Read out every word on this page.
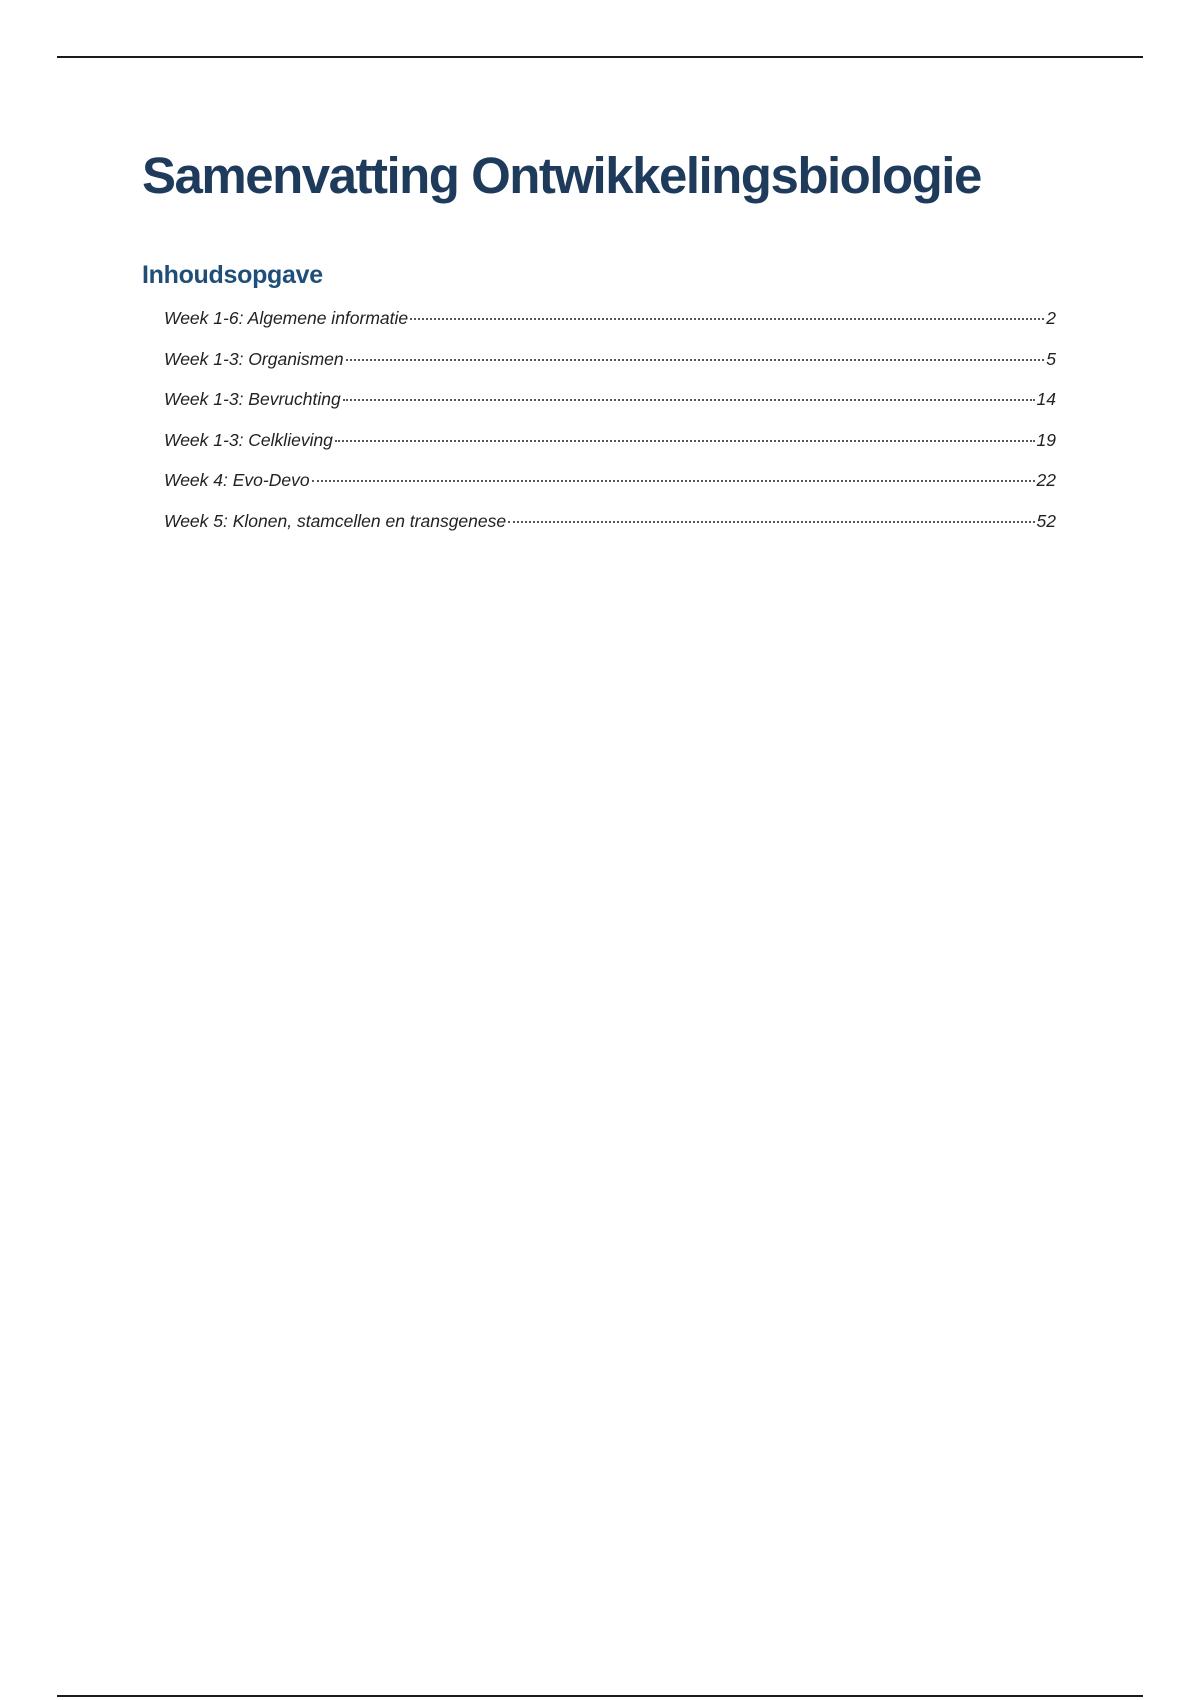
Samenvatting Ontwikkelingsbiologie
Inhoudsopgave
Week 1-6: Algemene informatie	2
Week 1-3: Organismen	5
Week 1-3: Bevruchting	14
Week 1-3: Celklieving	19
Week 4: Evo-Devo	22
Week 5: Klonen, stamcellen en transgenese	52
